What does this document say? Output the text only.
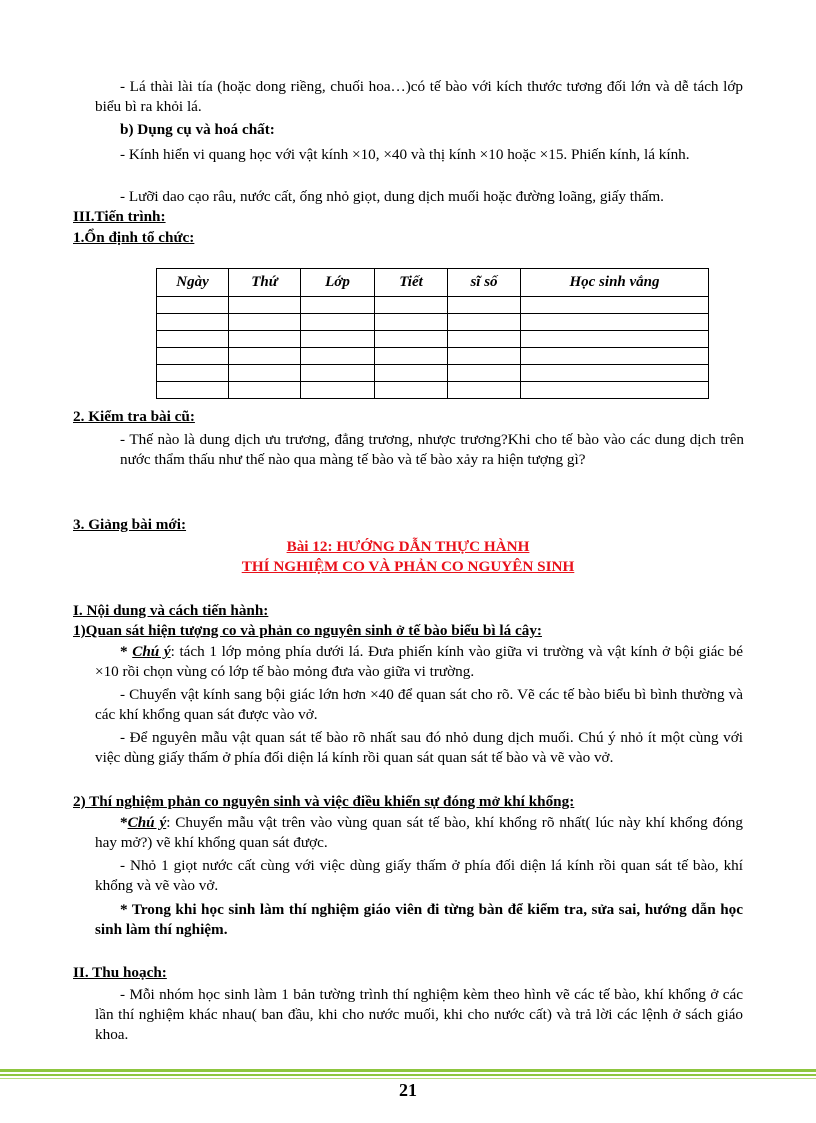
- Lá thài lài tía (hoặc dong riềng, chuối hoa…)có tế bào với kích thước tương đối lớn và dễ tách lớp biểu bì ra khỏi lá.

b) Dụng cụ và hoá chất:

- Kính hiển vi quang học với vật kính ×10, ×40 và thị kính ×10 hoặc ×15. Phiến kính, lá kính.

- Lưỡi dao cạo râu, nước cất, ống nhỏ giọt, dung dịch muối hoặc đường loãng, giấy thấm.

III.Tiến trình:

1.Ổn định tổ chức:

Ngày	Thứ	Lớp	Tiết	sĩ số	Học sinh vắng

2. Kiểm tra bài cũ:

- Thế nào là dung dịch ưu trương, đẳng trương, nhược trương?Khi cho tế bào vào các dung dịch trên nước thẩm thấu như thế nào qua màng tế bào và tế bào xảy ra hiện tượng gì?

3. Giảng bài mới:

Bài 12: HƯỚNG DẪN THỰC HÀNH

THÍ NGHIỆM CO VÀ PHẢN CO NGUYÊN SINH

I. Nội dung và cách tiến hành:

1)Quan sát hiện tượng co và phản co nguyên sinh ở tế bào biểu bì lá cây:

* Chú ý: tách 1 lớp mỏng phía dưới lá. Đưa phiến kính vào giữa vi trường và vật kính ở bội giác bé ×10 rồi chọn vùng có lớp tế bào mỏng đưa vào giữa vi trường.

- Chuyển vật kính sang bội giác lớn hơn ×40 để quan sát cho rõ. Vẽ các tế bào biểu bì bình thường và các khí khổng quan sát được vào vở.

- Để nguyên mẫu vật quan sát tế bào rõ nhất sau đó nhỏ dung dịch muối. Chú ý nhỏ ít một cùng với việc dùng giấy thấm ở phía đối diện lá kính rồi quan sát quan sát tế bào và vẽ vào vở.

2) Thí nghiệm phản co nguyên sinh và việc điều khiển sự đóng mở khí khổng:

*Chú ý: Chuyển mẫu vật trên vào vùng quan sát tế bào, khí khổng rõ nhất( lúc này khí khổng đóng hay mở?) vẽ khí khổng quan sát được.

- Nhỏ 1 giọt nước cất cùng với việc dùng giấy thấm ở phía đối diện lá kính rồi quan sát tế bào, khí khổng và vẽ vào vở.

* Trong khi học sinh làm thí nghiệm giáo viên đi từng bàn để kiểm tra, sửa sai, hướng dẫn học sinh làm thí nghiệm.

II. Thu hoạch:

- Mỗi nhóm học sinh làm 1 bản tường trình thí nghiệm kèm theo hình vẽ các tế bào, khí khổng ở các lần thí nghiệm khác nhau( ban đầu, khi cho nước muối, khi cho nước cất) và trả lời các lệnh ở sách giáo khoa.

21
